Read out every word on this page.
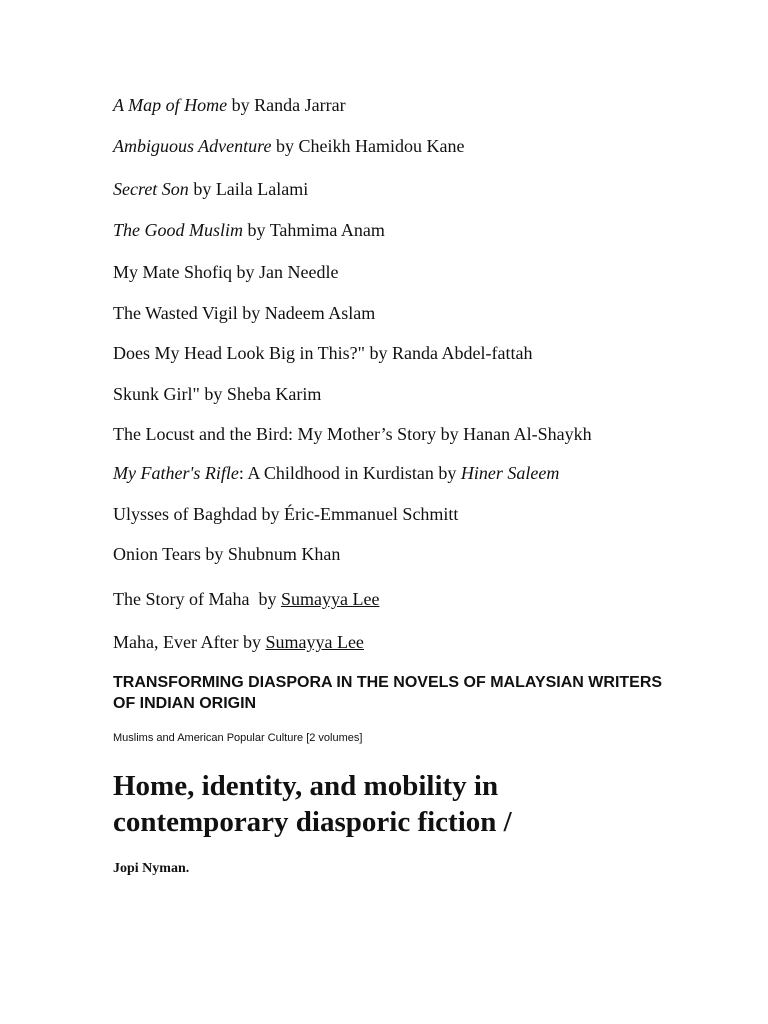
A Map of Home by Randa Jarrar

Ambiguous Adventure by Cheikh Hamidou Kane

Secret Son by Laila Lalami

The Good Muslim by Tahmima Anam

My Mate Shofiq by Jan Needle

The Wasted Vigil by Nadeem Aslam

Does My Head Look Big in This?" by Randa Abdel-fattah

Skunk Girl" by Sheba Karim

The Locust and the Bird: My Mother’s Story by Hanan Al-Shaykh

My Father's Rifle: A Childhood in Kurdistan by Hiner Saleem

Ulysses of Baghdad by Éric-Emmanuel Schmitt

Onion Tears by Shubnum Khan

The Story of Maha  by Sumayya Lee

Maha, Ever After by Sumayya Lee

TRANSFORMING DIASPORA IN THE NOVELS OF MALAYSIAN WRITERS OF INDIAN ORIGIN

Muslims and American Popular Culture [2 volumes]

Home, identity, and mobility in contemporary diasporic fiction /

Jopi Nyman.
